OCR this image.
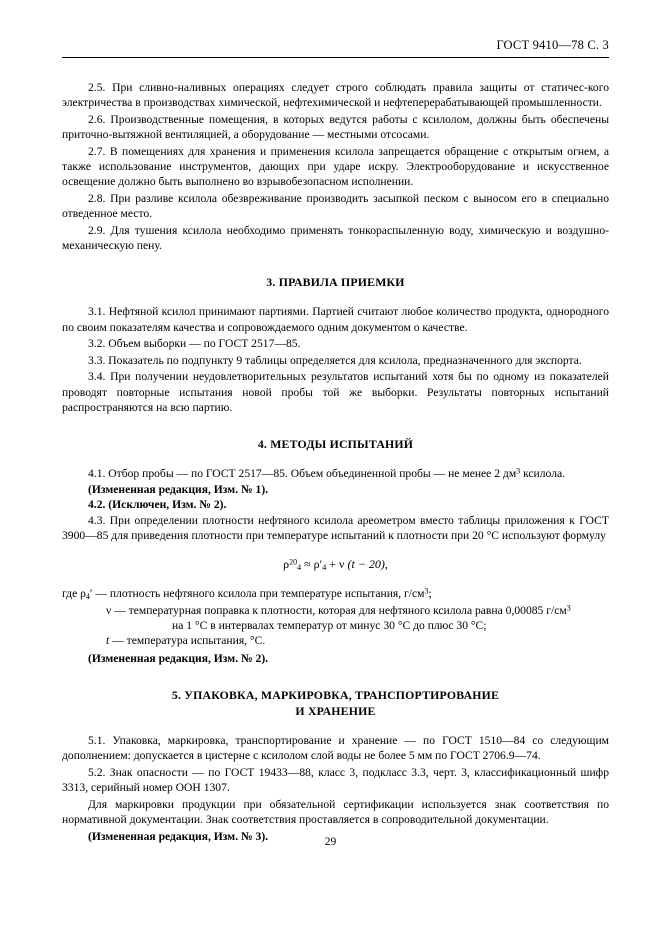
ГОСТ 9410—78 С. 3

2.5. При сливно-наливных операциях следует строго соблюдать правила защиты от статичес-кого электричества в производствах химической, нефтехимической и нефтеперерабатывающей промышленности.

2.6. Производственные помещения, в которых ведутся работы с ксилолом, должны быть обеспечены приточно-вытяжной вентиляцией, а оборудование — местными отсосами.

2.7. В помещениях для хранения и применения ксилола запрещается обращение с открытым огнем, а также использование инструментов, дающих при ударе искру. Электрооборудование и искусственное освещение должно быть выполнено во взрывобезопасном исполнении.

2.8. При разливе ксилола обезвреживание производить засыпкой песком с выносом его в специально отведенное место.

2.9. Для тушения ксилола необходимо применять тонкораспыленную воду, химическую и воздушно-механическую пену.

3. ПРАВИЛА ПРИЕМКИ

3.1. Нефтяной ксилол принимают партиями. Партией считают любое количество продукта, однородного по своим показателям качества и сопровождаемого одним документом о качестве.

3.2. Объем выборки — по ГОСТ 2517—85.

3.3. Показатель по подпункту 9 таблицы определяется для ксилола, предназначенного для экспорта.

3.4. При получении неудовлетворительных результатов испытаний хотя бы по одному из показателей проводят повторные испытания новой пробы той же выборки. Результаты повторных испытаний распространяются на всю партию.

4. МЕТОДЫ ИСПЫТАНИЙ

4.1. Отбор пробы — по ГОСТ 2517—85. Объем объединенной пробы — не менее 2 $дм^3$ ксилола.

(Измененная редакция, Изм. № 1).

4.2. (Исключен, Изм. № 2).

4.3. При определении плотности нефтяного ксилола ареометром вместо таблицы приложения к ГОСТ 3900—85 для приведения плотности при температуре испытаний к плотности при 20 °С используют формулу

$\rho^{20}_4 \approx \rho'_4 + \nu$ (t − 20),

где $\rho_4'$ — плотность нефтяного ксилола при температуре испытания, $г/см^3$;

ν — температурная поправка к плотности, которая для нефтяного ксилола равна 0,00085 $г/см^3$

на 1 °С в интервалах температур от минус 30 °С до плюс 30 °С;

t — температура испытания, °С.

(Измененная редакция, Изм. № 2).

5. УПАКОВКА, МАРКИРОВКА, ТРАНСПОРТИРОВАНИЕ
И ХРАНЕНИЕ

5.1. Упаковка, маркировка, транспортирование и хранение — по ГОСТ 1510—84 со следующим дополнением: допускается в цистерне с ксилолом слой воды не более 5 мм по ГОСТ 2706.9—74.

5.2. Знак опасности — по ГОСТ 19433—88, класс 3, подкласс 3.3, черт. 3, классификационный шифр 3313, серийный номер ООН 1307.

Для маркировки продукции при обязательной сертификации используется знак соответствия по нормативной документации. Знак соответствия проставляется в сопроводительной документации.

(Измененная редакция, Изм. № 3).	29
